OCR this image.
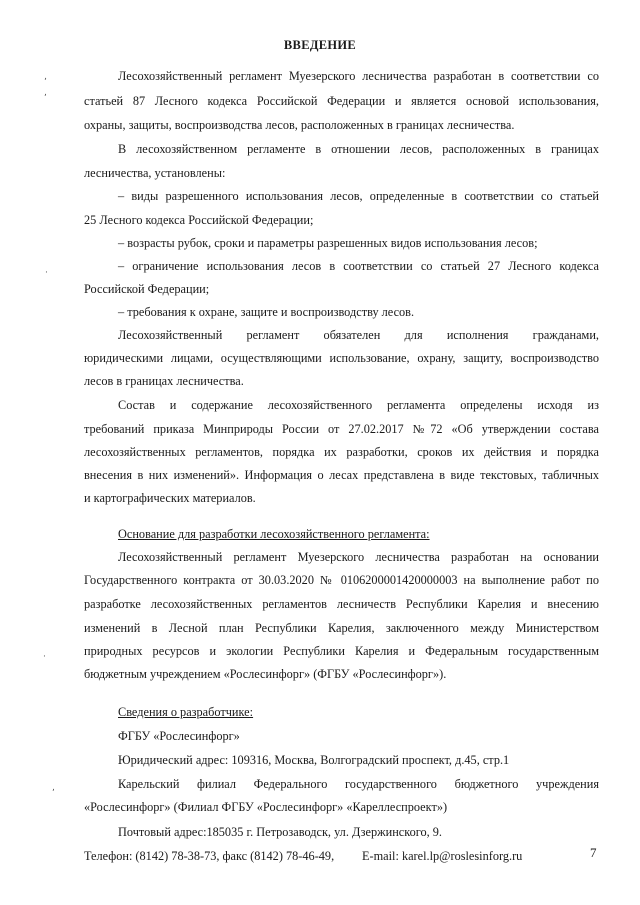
ВВЕДЕНИЕ
Лесохозяйственный регламент Муезерского лесничества разработан в соответствии со
статьей 87 Лесного кодекса Российской Федерации и является основой использования,
охраны, защиты, воспроизводства лесов, расположенных в границах лесничества.
В лесохозяйственном регламенте в отношении лесов, расположенных в границах
лесничества, установлены:
– виды разрешенного использования лесов, определенные в соответствии со статьей
25 Лесного кодекса Российской Федерации;
– возрасты рубок, сроки и параметры разрешенных видов использования лесов;
– ограничение использования лесов в соответствии со статьей 27 Лесного кодекса
Российской Федерации;
– требования к охране, защите и воспроизводству лесов.
Лесохозяйственный регламент обязателен для исполнения гражданами,
юридическими лицами, осуществляющими использование, охрану, защиту, воспроизводство
лесов в границах лесничества.
Состав и содержание лесохозяйственного регламента определены исходя из
требований приказа Минприроды России от 27.02.2017 №72 «Об утверждении состава
лесохозяйственных регламентов, порядка их разработки, сроков их действия и порядка
внесения в них изменений». Информация о лесах представлена в виде текстовых, табличных
и картографических материалов.
Основание для разработки лесохозяйственного регламента:
Лесохозяйственный регламент Муезерского лесничества разработан на основании
Государственного контракта от 30.03.2020 № 0106200001420000003 на выполнение работ по
разработке лесохозяйственных регламентов лесничеств Республики Карелия и внесению
изменений в Лесной план Республики Карелия, заключенного между Министерством
природных ресурсов и экологии Республики Карелия и Федеральным государственным
бюджетным учреждением «Рослесинфорг» (ФГБУ «Рослесинфорг»).
Сведения о разработчике:
ФГБУ «Рослесинфорг»
Юридический адрес: 109316, Москва, Волгоградский проспект, д.45, стр.1
Карельский филиал Федерального государственного бюджетного учреждения
«Рослесинфорг» (Филиал ФГБУ «Рослесинфорг» «Кареллеспроект»)
Почтовый адрес:185035 г. Петрозаводск, ул. Дзержинского, 9.
Телефон: (8142) 78-38-73, факс (8142) 78-46-49, E-mail: karel.lp@roslesinforg.ru	7
‚
,
·
·
,
